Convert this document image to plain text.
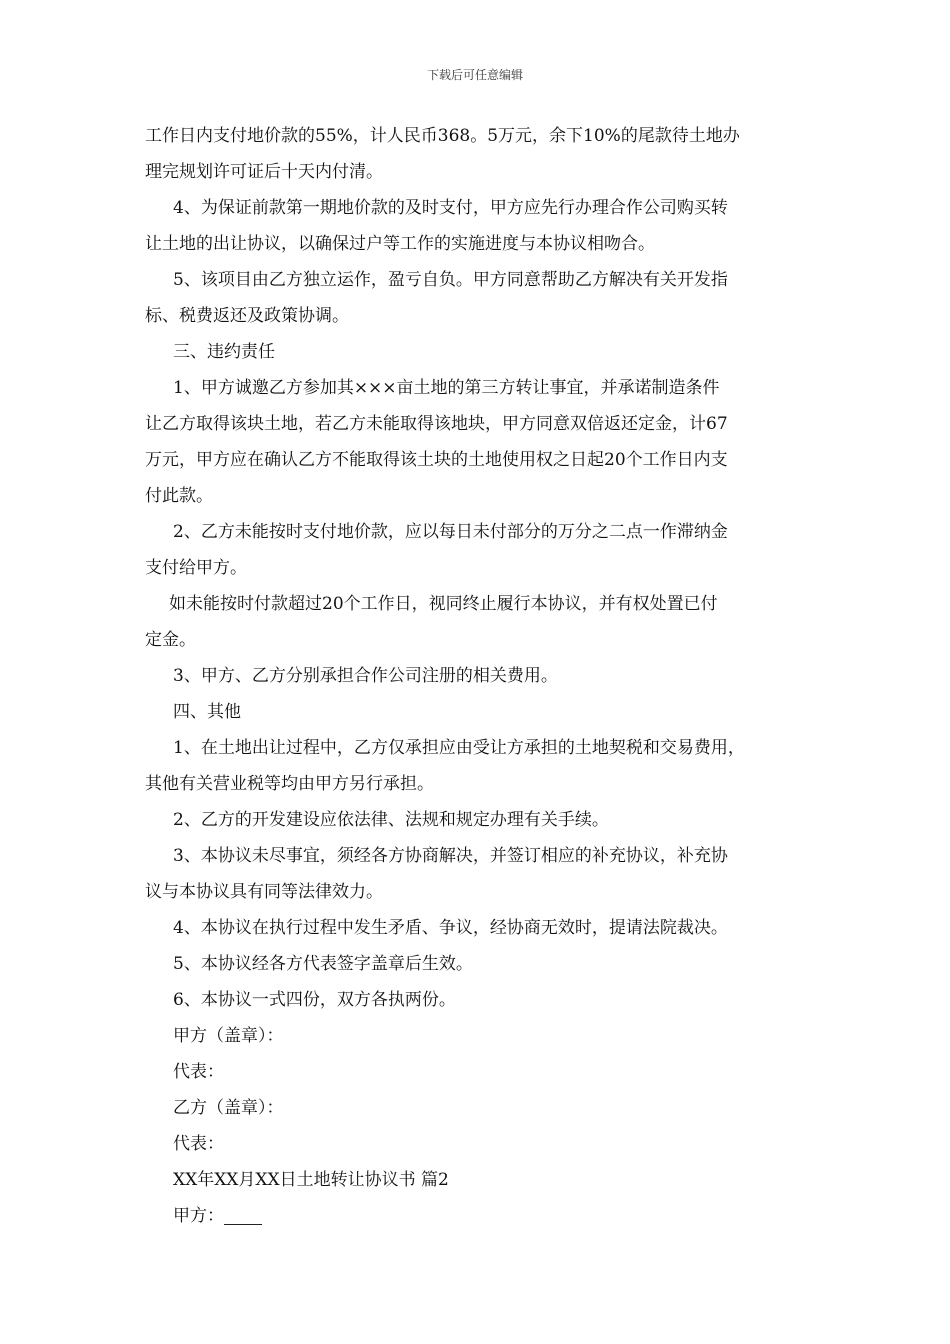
下载后可任意编辑
工作日内支付地价款的55%，计人民币368。5万元，余下10%的尾款待土地办
理完规划许可证后十天内付清。
4、为保证前款第一期地价款的及时支付，甲方应先行办理合作公司购买转
让土地的出让协议，以确保过户等工作的实施进度与本协议相吻合。
5、该项目由乙方独立运作，盈亏自负。甲方同意帮助乙方解决有关开发指
标、税费返还及政策协调。
三、违约责任
1、甲方诚邀乙方参加其×××亩土地的第三方转让事宜，并承诺制造条件
让乙方取得该块土地，若乙方未能取得该地块，甲方同意双倍返还定金，计67
万元，甲方应在确认乙方不能取得该土块的土地使用权之日起20个工作日内支
付此款。
2、乙方未能按时支付地价款，应以每日未付部分的万分之二点一作滞纳金
支付给甲方。
如未能按时付款超过20个工作日，视同终止履行本协议，并有权处置已付
定金。
3、甲方、乙方分别承担合作公司注册的相关费用。
四、其他
1、在土地出让过程中，乙方仅承担应由受让方承担的土地契税和交易费用，
其他有关营业税等均由甲方另行承担。
2、乙方的开发建设应依法律、法规和规定办理有关手续。
3、本协议未尽事宜，须经各方协商解决，并签订相应的补充协议，补充协
议与本协议具有同等法律效力。
4、本协议在执行过程中发生矛盾、争议，经协商无效时，提请法院裁决。
5、本协议经各方代表签字盖章后生效。
6、本协议一式四份，双方各执两份。
甲方（盖章）：
代表：
乙方（盖章）：
代表：
XX年XX月XX日土地转让协议书 篇2
甲方：
